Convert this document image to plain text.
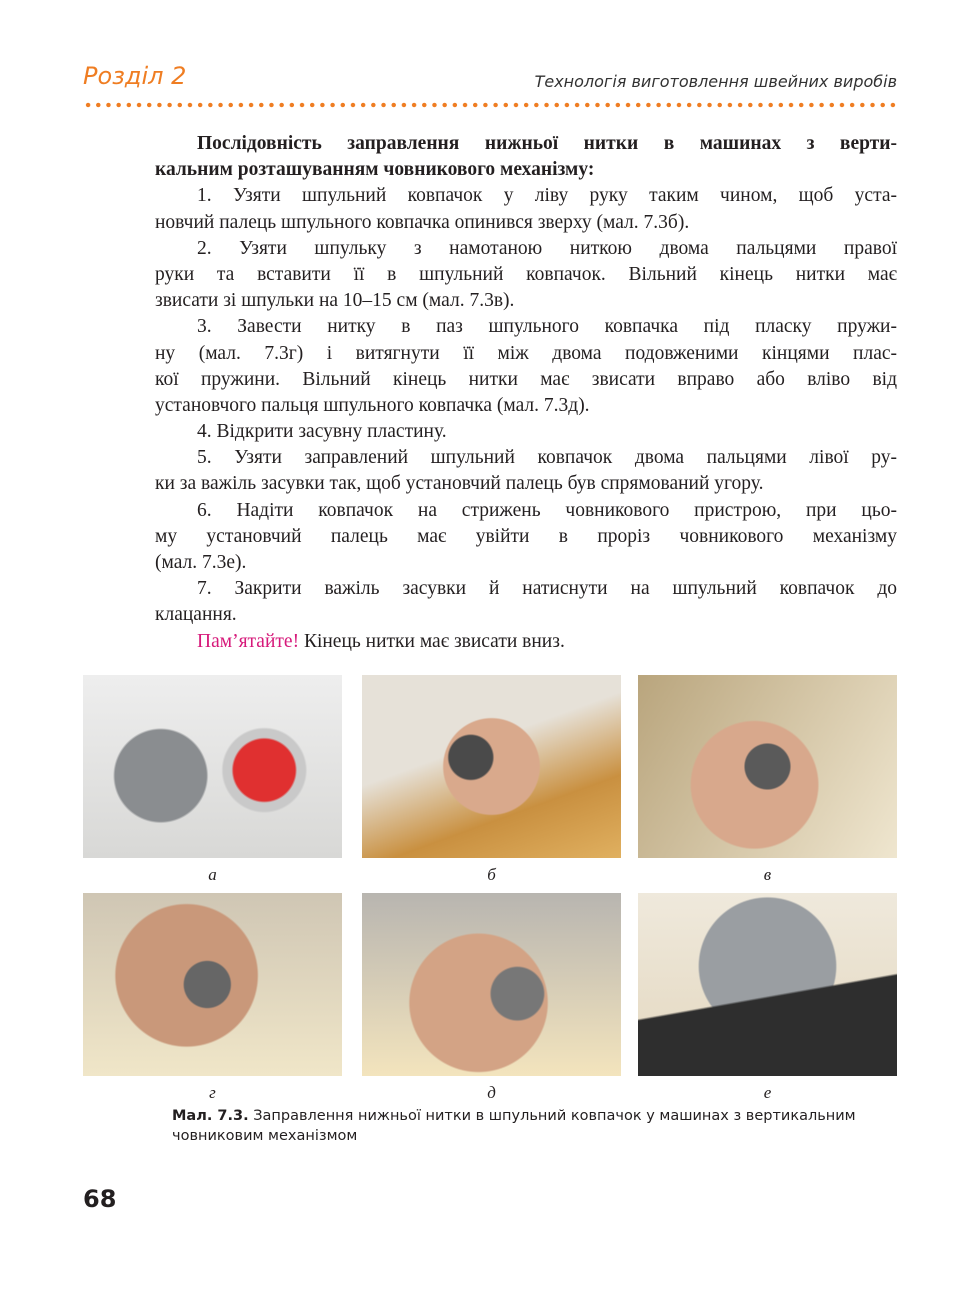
Розділ 2	Технологія виготовлення швейних виробів
Послідовність заправлення нижньої нитки в машинах з верти-
кальним розташуванням човникового механізму:
1. Узяти шпульний ковпачок у ліву руку таким чином, щоб уста-
новчий палець шпульного ковпачка опинився зверху (мал. 7.3б).
2. Узяти шпульку з намотаною ниткою двома пальцями правої
руки та вставити її в шпульний ковпачок. Вільний кінець нитки має
звисати зі шпульки на 10–15 см (мал. 7.3в).
3. Завести нитку в паз шпульного ковпачка під пласку пружи-
ну (мал. 7.3г) і витягнути її між двома подовженими кінцями плас-
кої пружини. Вільний кінець нитки має звисати вправо або вліво від
установчого пальця шпульного ковпачка (мал. 7.3д).
4. Відкрити засувну пластину.
5. Узяти заправлений шпульний ковпачок двома пальцями лівої ру-
ки за важіль засувки так, щоб установчий палець був спрямований угору.
6. Надіти ковпачок на стрижень човникового пристрою, при цьо-
му установчий палець має увійти в проріз човникового механізму
(мал. 7.3е).
7. Закрити важіль засувки й натиснути на шпульний ковпачок до
клацання.
Пам’ятайте! Кінець нитки має звисати вниз.
а	б	в
г	д	е
Мал. 7.3. Заправлення нижньої нитки в шпульний ковпачок у машинах з вертикальним човниковим механізмом
68
